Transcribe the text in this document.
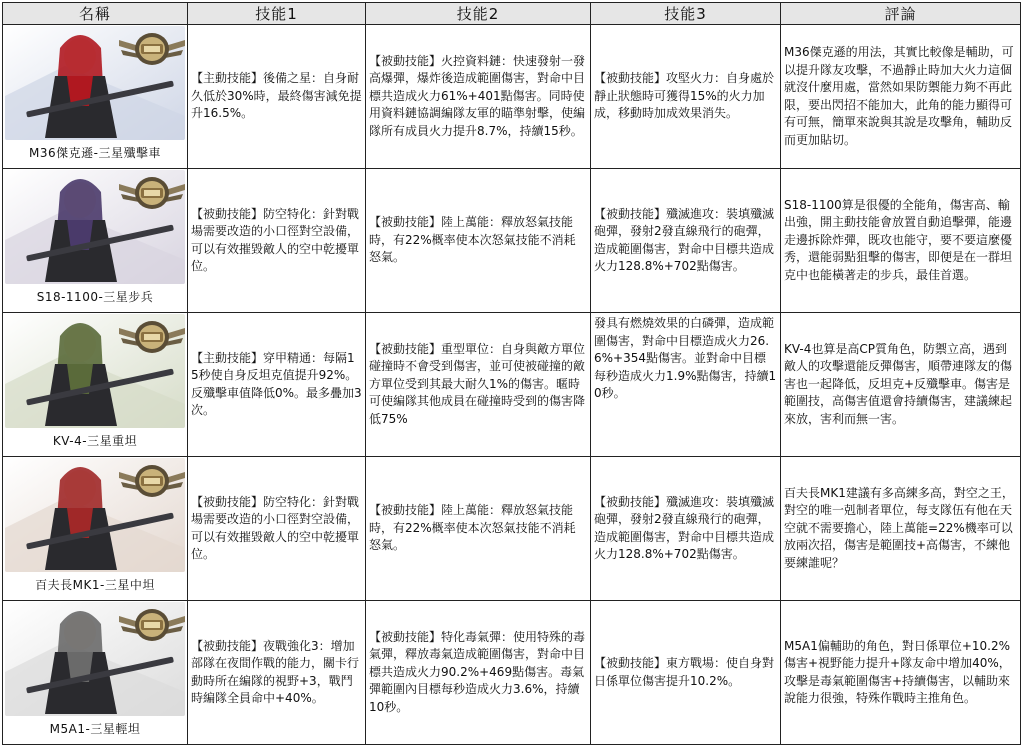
名稱	技能1	技能2	技能3	評論

M36傑克遜-三星殲擊車	【主動技能】後備之星：自身耐久低於30%時，最終傷害減免提升16.5%。	【被動技能】火控資料鏈：快速發射一發高爆彈，爆炸後造成範圍傷害，對命中目標共造成火力61%+401點傷害。同時使用資料鏈協調編隊友軍的瞄準射擊，使編隊所有成員火力提升8.7%，持續15秒。	【被動技能】攻堅火力：自身處於靜止狀態時可獲得15%的火力加成，移動時加成效果消失。	M36傑克遜的用法，其實比較像是輔助，可以提升隊友攻擊，不過靜止時加大火力這個就沒什麼用處，當然如果防禦能力夠不再此限，要出閃招不能加大，此角的能力顯得可有可無，簡單來說與其說是攻擊角，輔助反而更加貼切。

S18-1100-三星步兵	【被動技能】防空特化：針對戰場需要改造的小口徑對空設備，可以有效摧毀敵人的空中乾擾單位。	【被動技能】陸上萬能：釋放怒氣技能時，有22%概率使本次怒氣技能不消耗怒氣。	【被動技能】殲滅進攻：裝填殲滅砲彈，發射2發直線飛行的砲彈，造成範圍傷害，對命中目標共造成火力128.8%+702點傷害。	S18-1100算是很優的全能角，傷害高、輸出強，開主動技能會放置自動追擊彈，能邊走邊拆除炸彈，既攻也能守，要不要這麼優秀，還能弱點狙擊的傷害，即便是在一群坦克中也能橫著走的步兵，最佳首選。

KV-4-三星重坦	【主動技能】穿甲精通：每隔15秒使自身反坦克值提升92%。反殲擊車值降低0%。最多疊加3次。	【被動技能】重型單位：自身與敵方單位碰撞時不會受到傷害，並可使被碰撞的敵方單位受到其最大耐久1%的傷害。暱時可使編隊其他成員在碰撞時受到的傷害降低75%	發具有燃燒效果的白磷彈，造成範圍傷害，對命中目標造成火力26.6%+354點傷害。並對命中目標每秒造成火力1.9%點傷害，持續10秒。	KV-4也算是高CP質角色，防禦立高，遇到敵人的攻擊還能反彈傷害，順帶連隊友的傷害也一起降低，反坦克+反殲擊車。傷害是範圍技，高傷害值還會持續傷害，建議練起來放，害利而無一害。

百夫長MK1-三星中坦	【被動技能】防空特化：針對戰場需要改造的小口徑對空設備，可以有效摧毀敵人的空中乾擾單位。	【被動技能】陸上萬能：釋放怒氣技能時，有22%概率使本次怒氣技能不消耗怒氣。	【被動技能】殲滅進攻：裝填殲滅砲彈，發射2發直線飛行的砲彈，造成範圍傷害，對命中目標共造成火力128.8%+702點傷害。	百夫長MK1建議有多高練多高，對空之王，對空的唯一剋制者單位，每支隊伍有他在天空就不需要擔心，陸上萬能=22%機率可以放兩次招，傷害是範圍技+高傷害，不練他要練誰呢？

M5A1-三星輕坦	【被動技能】夜戰強化3：增加部隊在夜間作戰的能力，關卡行動時所在編隊的視野+3，戰鬥時編隊全員命中+40%。	【被動技能】特化毒氣彈：使用特殊的毒氣彈，釋放毒氣造成範圍傷害，對命中目標共造成火力90.2%+469點傷害。毒氣彈範圍內目標每秒造成火力3.6%，持續10秒。	【被動技能】東方戰場：使自身對日係單位傷害提升10.2%。	M5A1偏輔助的角色，對日係單位+10.2%傷害+視野能力提升+隊友命中增加40%，攻擊是毒氣範圍傷害+持續傷害，以輔助來說能力很強，特殊作戰時主推角色。
